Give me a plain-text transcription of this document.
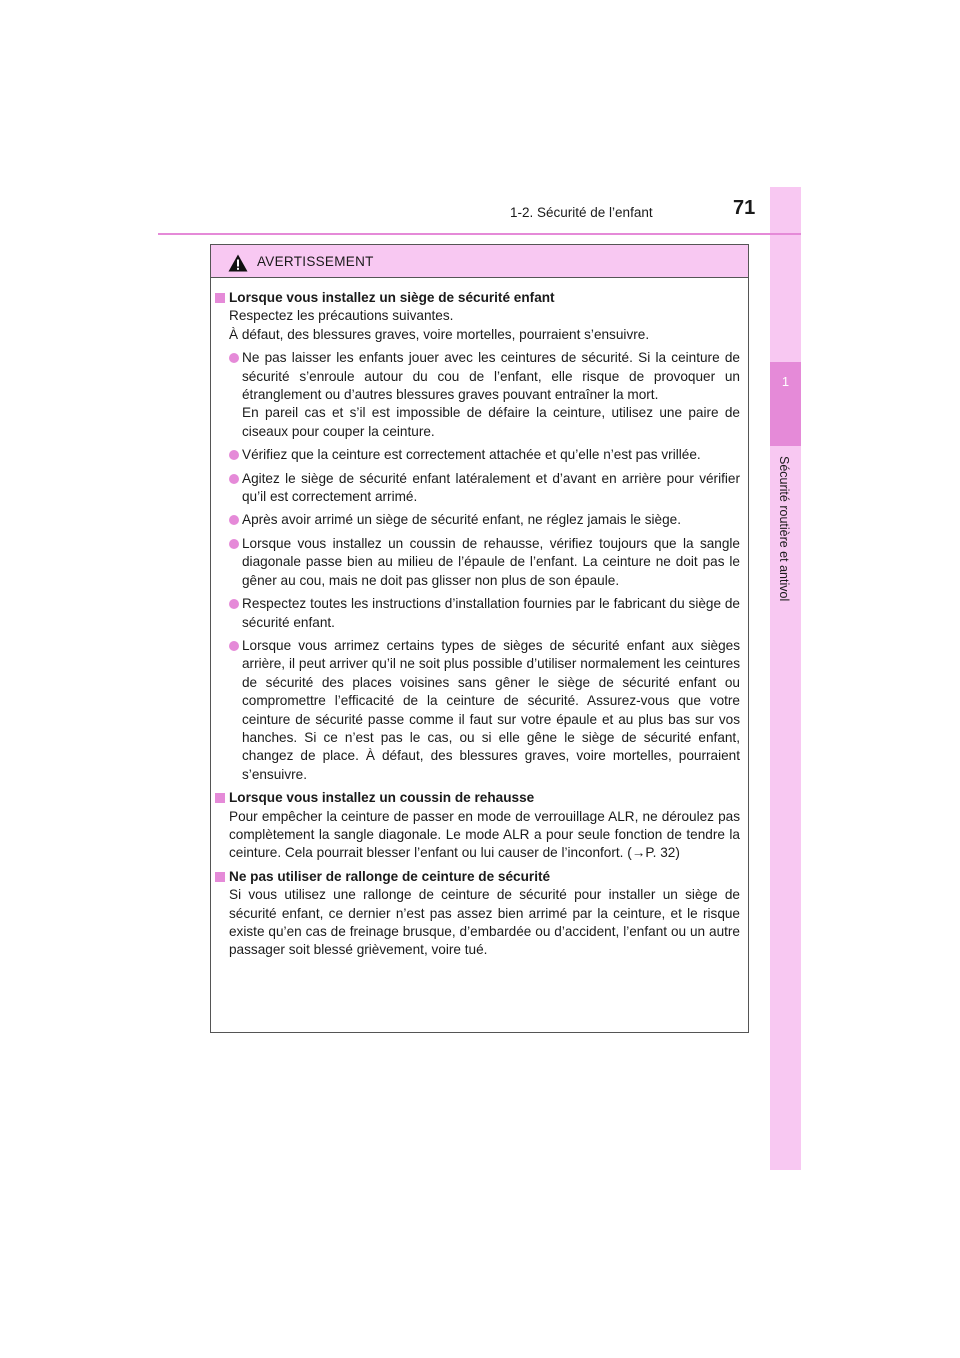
1
Sécurité routière et antivol
1-2. Sécurité de l’enfant	71
AVERTISSEMENT
Lorsque vous installez un siège de sécurité enfant
Respectez les précautions suivantes.
À défaut, des blessures graves, voire mortelles, pourraient s’ensuivre.
Ne pas laisser les enfants jouer avec les ceintures de sécurité. Si la ceinture de sécurité s’enroule autour du cou de l’enfant, elle risque de provoquer un étranglement ou d’autres blessures graves pouvant entraîner la mort.
En pareil cas et s’il est impossible de défaire la ceinture, utilisez une paire de ciseaux pour couper la ceinture.
Vérifiez que la ceinture est correctement attachée et qu’elle n’est pas vrillée.
Agitez le siège de sécurité enfant latéralement et d’avant en arrière pour vérifier qu’il est correctement arrimé.
Après avoir arrimé un siège de sécurité enfant, ne réglez jamais le siège.
Lorsque vous installez un coussin de rehausse, vérifiez toujours que la sangle diagonale passe bien au milieu de l’épaule de l’enfant. La ceinture ne doit pas le gêner au cou, mais ne doit pas glisser non plus de son épaule.
Respectez toutes les instructions d’installation fournies par le fabricant du siège de sécurité enfant.
Lorsque vous arrimez certains types de sièges de sécurité enfant aux sièges arrière, il peut arriver qu’il ne soit plus possible d’utiliser normalement les ceintures de sécurité des places voisines sans gêner le siège de sécurité enfant ou compromettre l’efficacité de la ceinture de sécurité. Assurez-vous que votre ceinture de sécurité passe comme il faut sur votre épaule et au plus bas sur vos hanches. Si ce n’est pas le cas, ou si elle gêne le siège de sécurité enfant, changez de place. À défaut, des blessures graves, voire mortelles, pourraient s’ensuivre.
Lorsque vous installez un coussin de rehausse
Pour empêcher la ceinture de passer en mode de verrouillage ALR, ne déroulez pas complètement la sangle diagonale. Le mode ALR a pour seule fonction de tendre la ceinture. Cela pourrait blesser l’enfant ou lui causer de l’inconfort. (→P. 32)
Ne pas utiliser de rallonge de ceinture de sécurité
Si vous utilisez une rallonge de ceinture de sécurité pour installer un siège de sécurité enfant, ce dernier n’est pas assez bien arrimé par la ceinture, et le risque existe qu’en cas de freinage brusque, d’embardée ou d’accident, l’enfant ou un autre passager soit blessé grièvement, voire tué.
